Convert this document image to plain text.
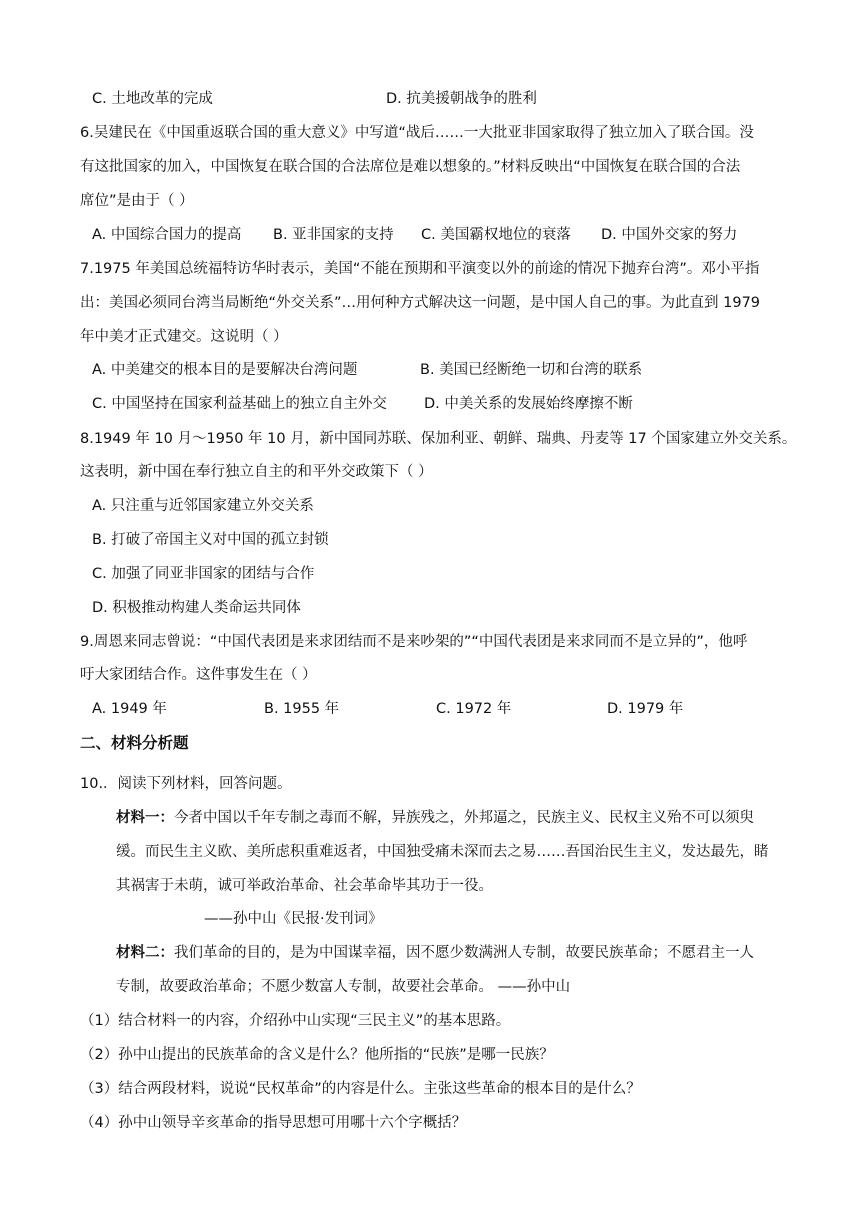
C. 土地改革的完成	D. 抗美援朝战争的胜利
6.吴建民在《中国重返联合国的重大意义》中写道“战后……一大批亚非国家取得了独立加入了联合国。没
有这批国家的加入，中国恢复在联合国的合法席位是难以想象的。”材料反映出“中国恢复在联合国的合法
席位”是由于（ ）
A. 中国综合国力的提高 B. 亚非国家的支持 C. 美国霸权地位的衰落 D. 中国外交家的努力
7.1975 年美国总统福特访华时表示，美国“不能在预期和平演变以外的前途的情况下抛弃台湾”。邓小平指
出：美国必须同台湾当局断绝“外交关系”…用何种方式解决这一问题，是中国人自己的事。为此直到 1979
年中美才正式建交。这说明（ ）
A. 中美建交的根本目的是要解决台湾问题	B. 美国已经断绝一切和台湾的联系
C. 中国坚持在国家利益基础上的独立自主外交	D. 中美关系的发展始终摩擦不断
8.1949 年 10 月～1950 年 10 月，新中国同苏联、保加利亚、朝鲜、瑞典、丹麦等 17 个国家建立外交关系。
这表明，新中国在奉行独立自主的和平外交政策下（ ）
A. 只注重与近邻国家建立外交关系
B. 打破了帝国主义对中国的孤立封锁
C. 加强了同亚非国家的团结与合作
D. 积极推动构建人类命运共同体
9.周恩来同志曾说：“中国代表团是来求团结而不是来吵架的”“中国代表团是来求同而不是立异的”，他呼
吁大家团结合作。这件事发生在（ ）
A. 1949 年	B. 1955 年	C. 1972 年	D. 1979 年
二、材料分析题
10.．阅读下列材料，回答问题。
材料一：今者中国以千年专制之毒而不解，异族残之，外邦逼之，民族主义、民权主义殆不可以须臾
缓。而民生主义欧、美所虑积重难返者，中国独受痛未深而去之易……吾国治民生主义，发达最先，睹
其祸害于未萌，诚可举政治革命、社会革命毕其功于一役。
——孙中山《民报·发刊词》
材料二：我们革命的目的，是为中国谋幸福，因不愿少数满洲人专制，故要民族革命；不愿君主一人
专制，故要政治革命；不愿少数富人专制，故要社会革命。 ——孙中山
（1）结合材料一的内容，介绍孙中山实现“三民主义”的基本思路。
（2）孙中山提出的民族革命的含义是什么？他所指的“民族”是哪一民族？
（3）结合两段材料，说说“民权革命”的内容是什么。主张这些革命的根本目的是什么？
（4）孙中山领导辛亥革命的指导思想可用哪十六个字概括？
